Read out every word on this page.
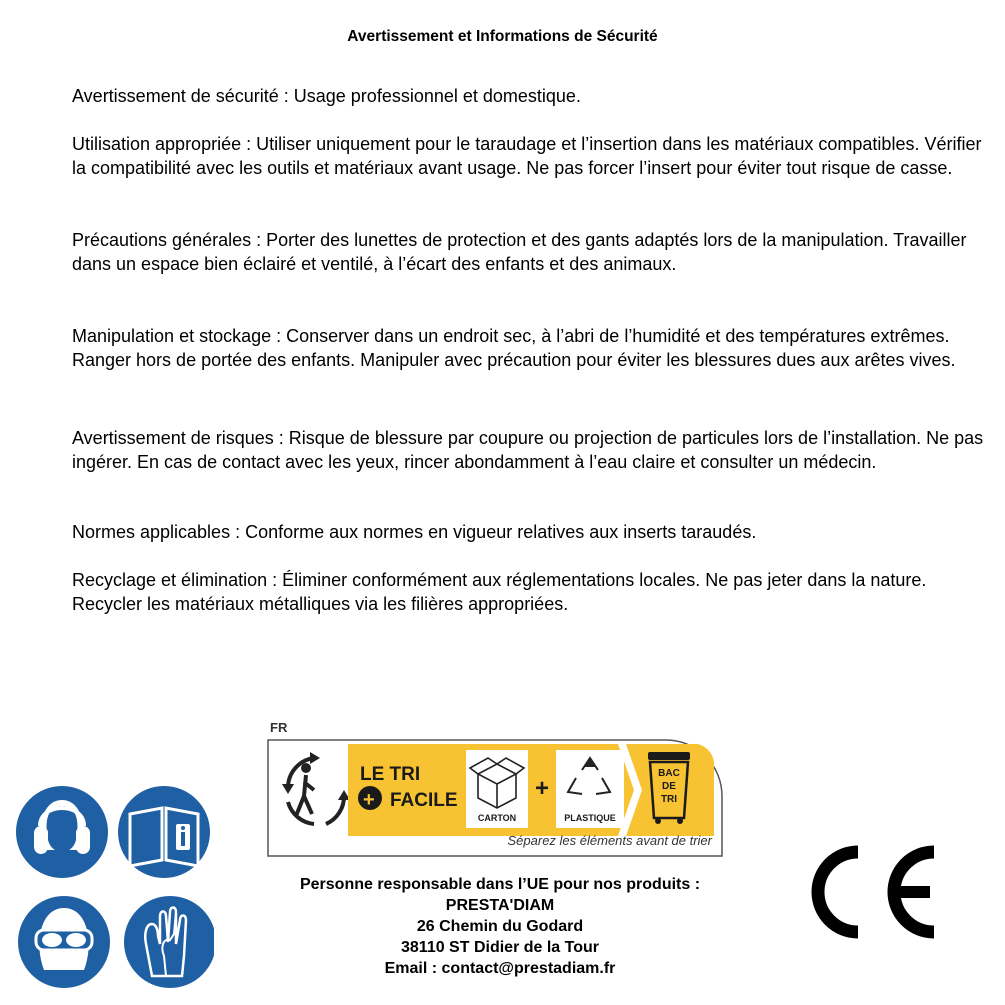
Avertissement et Informations de Sécurité

Avertissement de sécurité : Usage professionnel et domestique.

Utilisation appropriée : Utiliser uniquement pour le taraudage et l’insertion dans les matériaux compatibles. Vérifier la compatibilité avec les outils et matériaux avant usage. Ne pas forcer l’insert pour éviter tout risque de casse.

Précautions générales : Porter des lunettes de protection et des gants adaptés lors de la manipulation. Travailler dans un espace bien éclairé et ventilé, à l’écart des enfants et des animaux.

Manipulation et stockage : Conserver dans un endroit sec, à l’abri de l’humidité et des températures extrêmes. Ranger hors de portée des enfants. Manipuler avec précaution pour éviter les blessures dues aux arêtes vives.

Avertissement de risques : Risque de blessure par coupure ou projection de particules lors de l’installation. Ne pas ingérer. En cas de contact avec les yeux, rincer abondamment à l’eau claire et consulter un médecin.

Normes applicables : Conforme aux normes en vigueur relatives aux inserts taraudés.

Recyclage et élimination : Éliminer conformément aux réglementations locales. Ne pas jeter dans la nature. Recycler les matériaux métalliques via les filières appropriées.

FR
LE TRI
FACILE
+
CARTON
+
PLASTIQUE
BAC
DE
TRI
Séparez les éléments avant de trier
Personne responsable dans l’UE pour nos produits :
PRESTA'DIAM
26 Chemin du Godard
38110 ST Didier de la Tour
Email : contact@prestadiam.fr
